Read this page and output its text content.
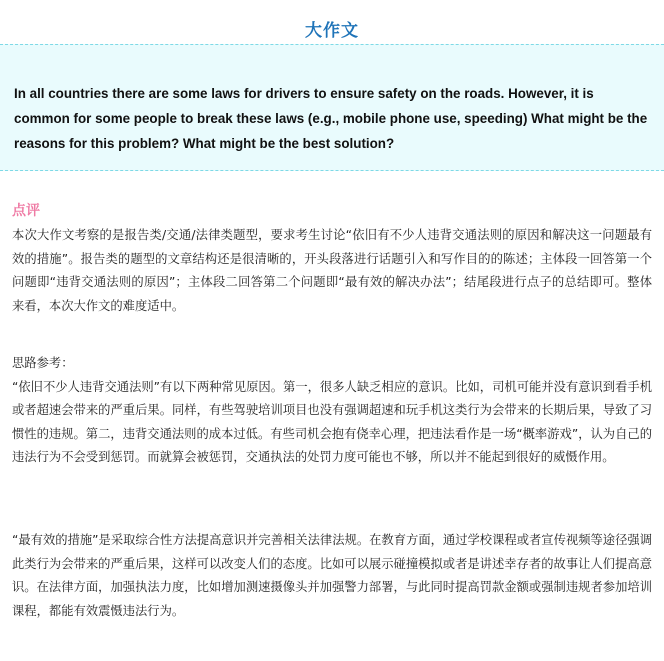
大作文
In all countries there are some laws for drivers to ensure safety on the roads. However, it is common for some people to break these laws (e.g., mobile phone use, speeding) What might be the reasons for this problem? What might be the best solution?
点评
本次大作文考察的是报告类/交通/法律类题型，要求考生讨论“依旧有不少人违背交通法则的原因和解决这一问题最有效的措施”。报告类的题型的文章结构还是很清晰的，开头段落进行话题引入和写作目的的陈述；主体段一回答第一个问题即“违背交通法则的原因”；主体段二回答第二个问题即“最有效的解决办法”；结尾段进行点子的总结即可。整体来看，本次大作文的难度适中。
思路参考：
“依旧不少人违背交通法则”有以下两种常见原因。第一，很多人缺乏相应的意识。比如，司机可能并没有意识到看手机或者超速会带来的严重后果。同样，有些驾驶培训项目也没有强调超速和玩手机这类行为会带来的长期后果，导致了习惯性的违规。第二，违背交通法则的成本过低。有些司机会抱有侥幸心理，把违法看作是一场“概率游戏”，认为自己的违法行为不会受到惩罚。而就算会被惩罚，交通执法的处罚力度可能也不够，所以并不能起到很好的威慑作用。
“最有效的措施”是采取综合性方法提高意识并完善相关法律法规。在教育方面，通过学校课程或者宣传视频等途径强调此类行为会带来的严重后果，这样可以改变人们的态度。比如可以展示碰撞模拟或者是讲述幸存者的故事让人们提高意识。在法律方面，加强执法力度，比如增加测速摄像头并加强警力部署，与此同时提高罚款金额或强制违规者参加培训课程，都能有效震慑违法行为。
